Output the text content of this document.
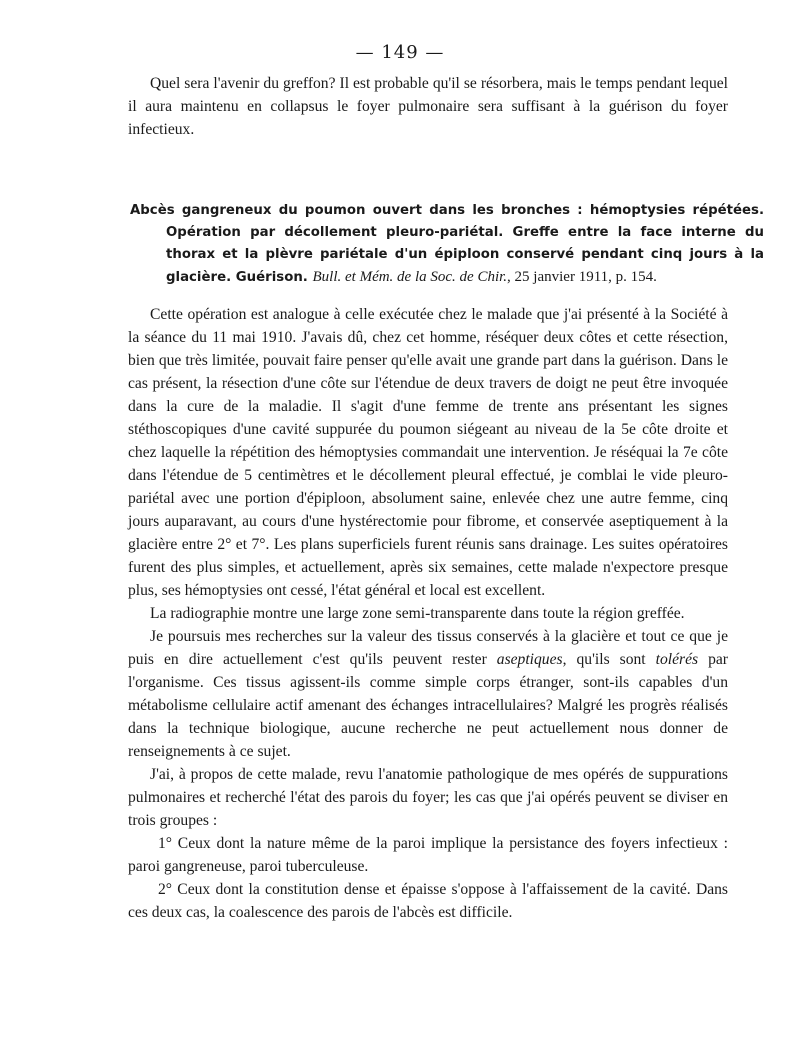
— 149 —

Quel sera l'avenir du greffon? Il est probable qu'il se résorbera, mais le temps pendant lequel il aura maintenu en collapsus le foyer pulmonaire sera suffisant à la guérison du foyer infectieux.

Abcès gangreneux du poumon ouvert dans les bronches : hémoptysies répétées. Opération par décollement pleuro-pariétal. Greffe entre la face interne du thorax et la plèvre pariétale d'un épiploon conservé pendant cinq jours à la glacière. Guérison. Bull. et Mém. de la Soc. de Chir., 25 janvier 1911, p. 154.

Cette opération est analogue à celle exécutée chez le malade que j'ai présenté à la Société à la séance du 11 mai 1910. J'avais dû, chez cet homme, réséquer deux côtes et cette résection, bien que très limitée, pouvait faire penser qu'elle avait une grande part dans la guérison. Dans le cas présent, la résection d'une côte sur l'étendue de deux travers de doigt ne peut être invoquée dans la cure de la maladie. Il s'agit d'une femme de trente ans présentant les signes stéthoscopiques d'une cavité suppurée du poumon siégeant au niveau de la 5e côte droite et chez laquelle la répétition des hémoptysies commandait une intervention. Je réséquai la 7e côte dans l'étendue de 5 centimètres et le décollement pleural effectué, je comblai le vide pleuro-pariétal avec une portion d'épiploon, absolument saine, enlevée chez une autre femme, cinq jours auparavant, au cours d'une hystérectomie pour fibrome, et conservée aseptiquement à la glacière entre 2° et 7°. Les plans superficiels furent réunis sans drainage. Les suites opératoires furent des plus simples, et actuellement, après six semaines, cette malade n'expectore presque plus, ses hémoptysies ont cessé, l'état général et local est excellent.

La radiographie montre une large zone semi-transparente dans toute la région greffée.

Je poursuis mes recherches sur la valeur des tissus conservés à la glacière et tout ce que je puis en dire actuellement c'est qu'ils peuvent rester aseptiques, qu'ils sont tolérés par l'organisme. Ces tissus agissent-ils comme simple corps étranger, sont-ils capables d'un métabolisme cellulaire actif amenant des échanges intracellulaires? Malgré les progrès réalisés dans la technique biologique, aucune recherche ne peut actuellement nous donner de renseignements à ce sujet.

J'ai, à propos de cette malade, revu l'anatomie pathologique de mes opérés de suppurations pulmonaires et recherché l'état des parois du foyer; les cas que j'ai opérés peuvent se diviser en trois groupes :

1° Ceux dont la nature même de la paroi implique la persistance des foyers infectieux : paroi gangreneuse, paroi tuberculeuse.

2° Ceux dont la constitution dense et épaisse s'oppose à l'affaissement de la cavité. Dans ces deux cas, la coalescence des parois de l'abcès est difficile.
